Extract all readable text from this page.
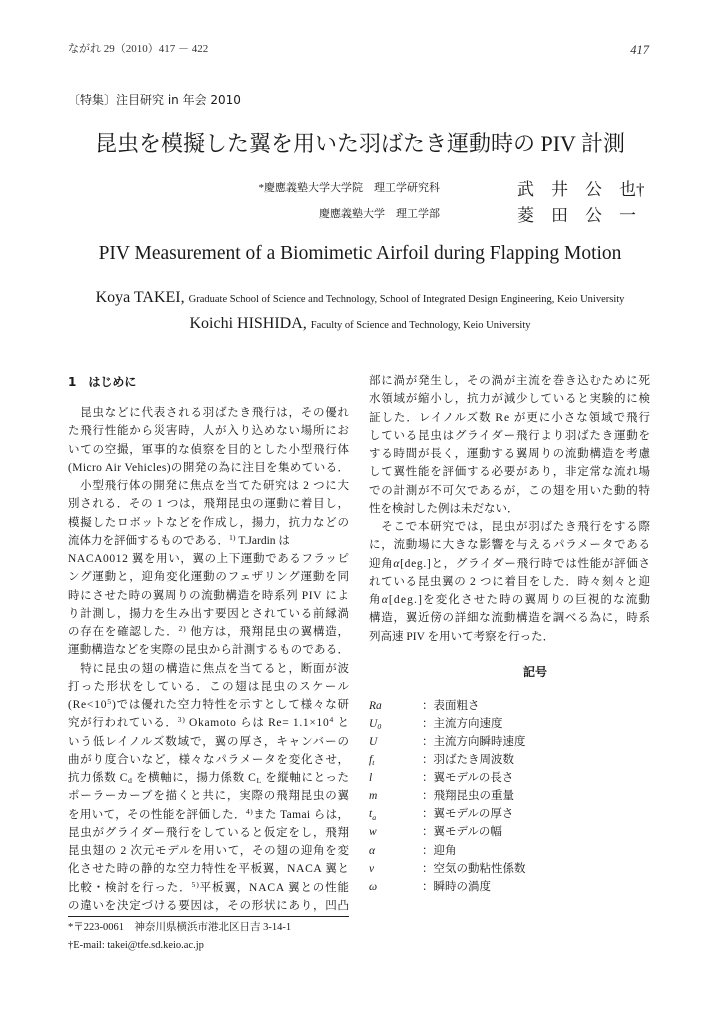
ながれ 29（2010）417 － 422	417
〔特集〕注目研究 in 年会 2010
昆虫を模擬した翼を用いた羽ばたき運動時の PIV 計測
*慶應義塾大学大学院　理工学研究科	武　井　公　也†
慶應義塾大学　理工学部	菱　田　公　一
PIV Measurement of a Biomimetic Airfoil during Flapping Motion
Koya TAKEI, Graduate School of Science and Technology, School of Integrated Design Engineering, Keio University
Koichi HISHIDA, Faculty of Science and Technology, Keio University
1　はじめに
　昆虫などに代表される羽ばたき飛行は，その優れ
た飛行性能から災害時，人が入り込めない場所にお
いての空撮，軍事的な偵察を目的とした小型飛行体
(Micro Air Vehicles)の開発の為に注目を集めている．
　小型飛行体の開発に焦点を当てた研究は 2 つに大
別される．その 1 つは，飛翔昆虫の運動に着目し，
模擬したロボットなどを作成し，揚力，抗力などの
流体力を評価するものである．$^{1)}$ T.Jardin は
NACA0012 翼を用い，翼の上下運動であるフラッピ
ング運動と，迎角変化運動のフェザリング運動を同
時にさせた時の翼周りの流動構造を時系列 PIV によ
り計測し，揚力を生み出す要因とされている前縁渦
の存在を確認した．$^{2)}$ 他方は，飛翔昆虫の翼構造，
運動構造などを実際の昆虫から計測するものである．
　特に昆虫の翅の構造に焦点を当てると，断面が波
打った形状をしている．この翅は昆虫のスケール
$(Re<10^5)$では優れた空力特性を示すとして様々な研
究が行われている．$^{3)}$ Okamoto らは $Re= 1.1\times 10^4$ と
いう低レイノルズ数域で，翼の厚さ，キャンバーの
曲がり度合いなど，様々なパラメータを変化させ，
抗力係数 $C_d$ を横軸に，揚力係数 $C_L$ を縦軸にとった
ポーラーカーブを描くと共に，実際の飛翔昆虫の翼
を用いて，その性能を評価した．$^{4)}$また Tamai らは，
昆虫がグライダー飛行をしていると仮定をし，飛翔
昆虫翅の 2 次元モデルを用いて，その翅の迎角を変
化させた時の静的な空力特性を平板翼，NACA 翼と
比較・検討を行った．$^{5)}$平板翼，NACA 翼との性能
の違いを決定づける要因は，その形状にあり，凹凸
*〒223-0061　神奈川県横浜市港北区日吉 3-14-1
†E-mail: takei@tfe.sd.keio.ac.jp
部に渦が発生し，その渦が主流を巻き込むために死
水領域が縮小し，抗力が減少していると実験的に検
証した．レイノルズ数 Re が更に小さな領域で飛行
している昆虫はグライダー飛行より羽ばたき運動を
する時間が長く，運動する翼周りの流動構造を考慮
して翼性能を評価する必要があり，非定常な流れ場
での計測が不可欠であるが，この翅を用いた動的特
性を検討した例は未だない．
　そこで本研究では，昆虫が羽ばたき飛行をする際
に，流動場に大きな影響を与えるパラメータである
迎角α[deg.]と，グライダー飛行時では性能が評価さ
れている昆虫翼の 2 つに着目をした．時々刻々と迎
角α[deg.]を変化させた時の翼周りの巨視的な流動
構造，翼近傍の詳細な流動構造を調べる為に，時系
列高速 PIV を用いて考察を行った．
記号
Ra	：表面粗さ
$U_0$	：主流方向速度
U	：主流方向瞬時速度
$f_t$	：羽ばたき周波数
l	：翼モデルの長さ
m	：飛翔昆虫の重量
$t_a$	：翼モデルの厚さ
w	：翼モデルの幅
α	：迎角
ν	：空気の動粘性係数
ω	：瞬時の渦度
